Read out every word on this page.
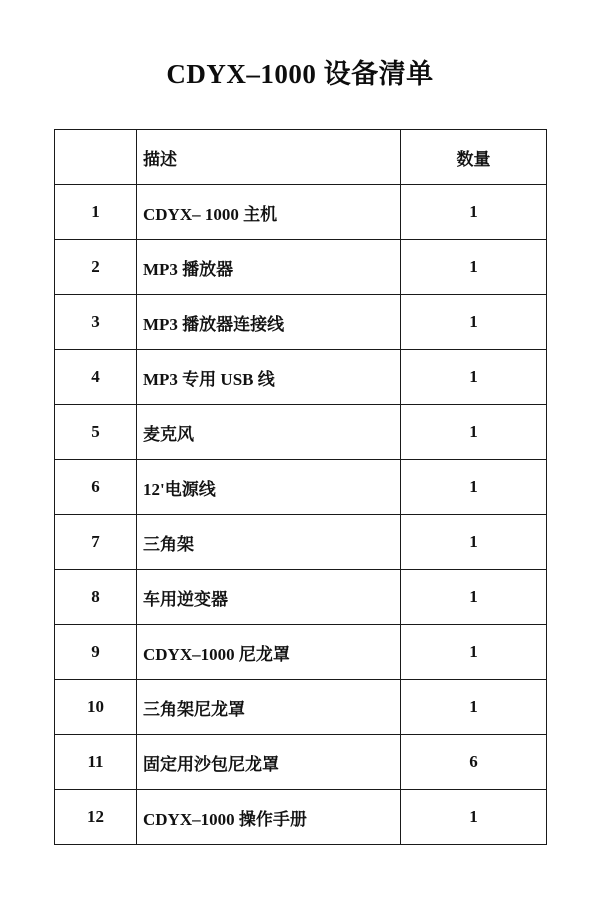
CDYX–1000 设备清单
	描述	数量
1	CDYX– 1000 主机	1
2	MP3 播放器	1
3	MP3 播放器连接线	1
4	MP3 专用 USB 线	1
5	麦克风	1
6	12'电源线	1
7	三角架	1
8	车用逆变器	1
9	CDYX–1000 尼龙罩	1
10	三角架尼龙罩	1
11	固定用沙包尼龙罩	6
12	CDYX–1000 操作手册	1
